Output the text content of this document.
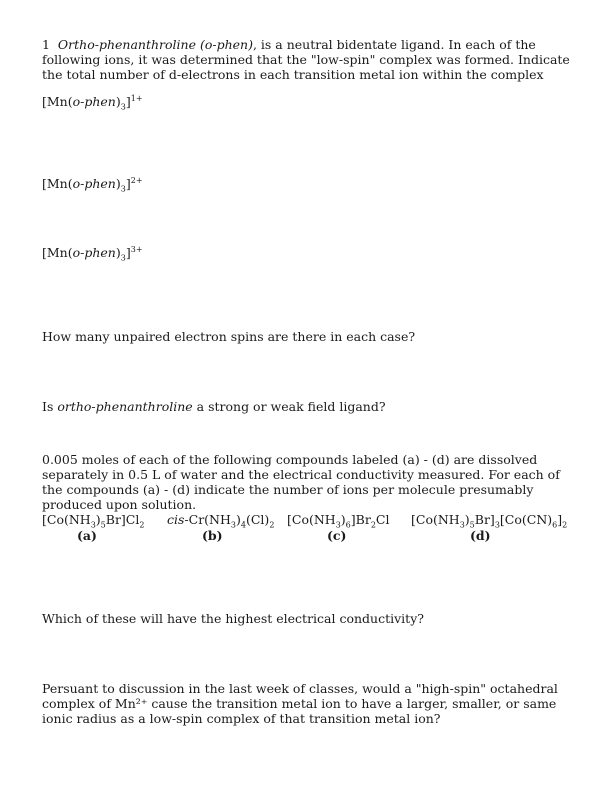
1 Ortho-phenanthroline (o-phen), is a neutral bidentate ligand. In each of the following ions, it was determined that the "low-spin" complex was formed. Indicate the total number of d-electrons in each transition metal ion within the complex
$[Mn(o-phen)_3]^{1+}$
$[Mn(o-phen)_3]^{2+}$
$[Mn(o-phen)_3]^{3+}$
How many unpaired electron spins are there in each case?
Is ortho-phenanthroline a strong or weak field ligand?
0.005 moles of each of the following compounds labeled (a) - (d) are dissolved separately in 0.5 L of water and the electrical conductivity measured. For each of the compounds (a) - (d) indicate the number of ions per molecule presumably produced upon solution.
$[Co(NH_3)_5Br]Cl_2$ cis-$Cr(NH_3)_4(Cl)_2$ $[Co(NH_3)_6]Br_2Cl$ $[Co(NH_3)_5Br]_3[Co(CN)_6]_2$
(a)	(b)	(c)	(d)
Which of these will have the highest electrical conductivity?
Persuant to discussion in the last week of classes, would a "high-spin" octahedral complex of Mn²⁺ cause the transition metal ion to have a larger, smaller, or same ionic radius as a low-spin complex of that transition metal ion?
